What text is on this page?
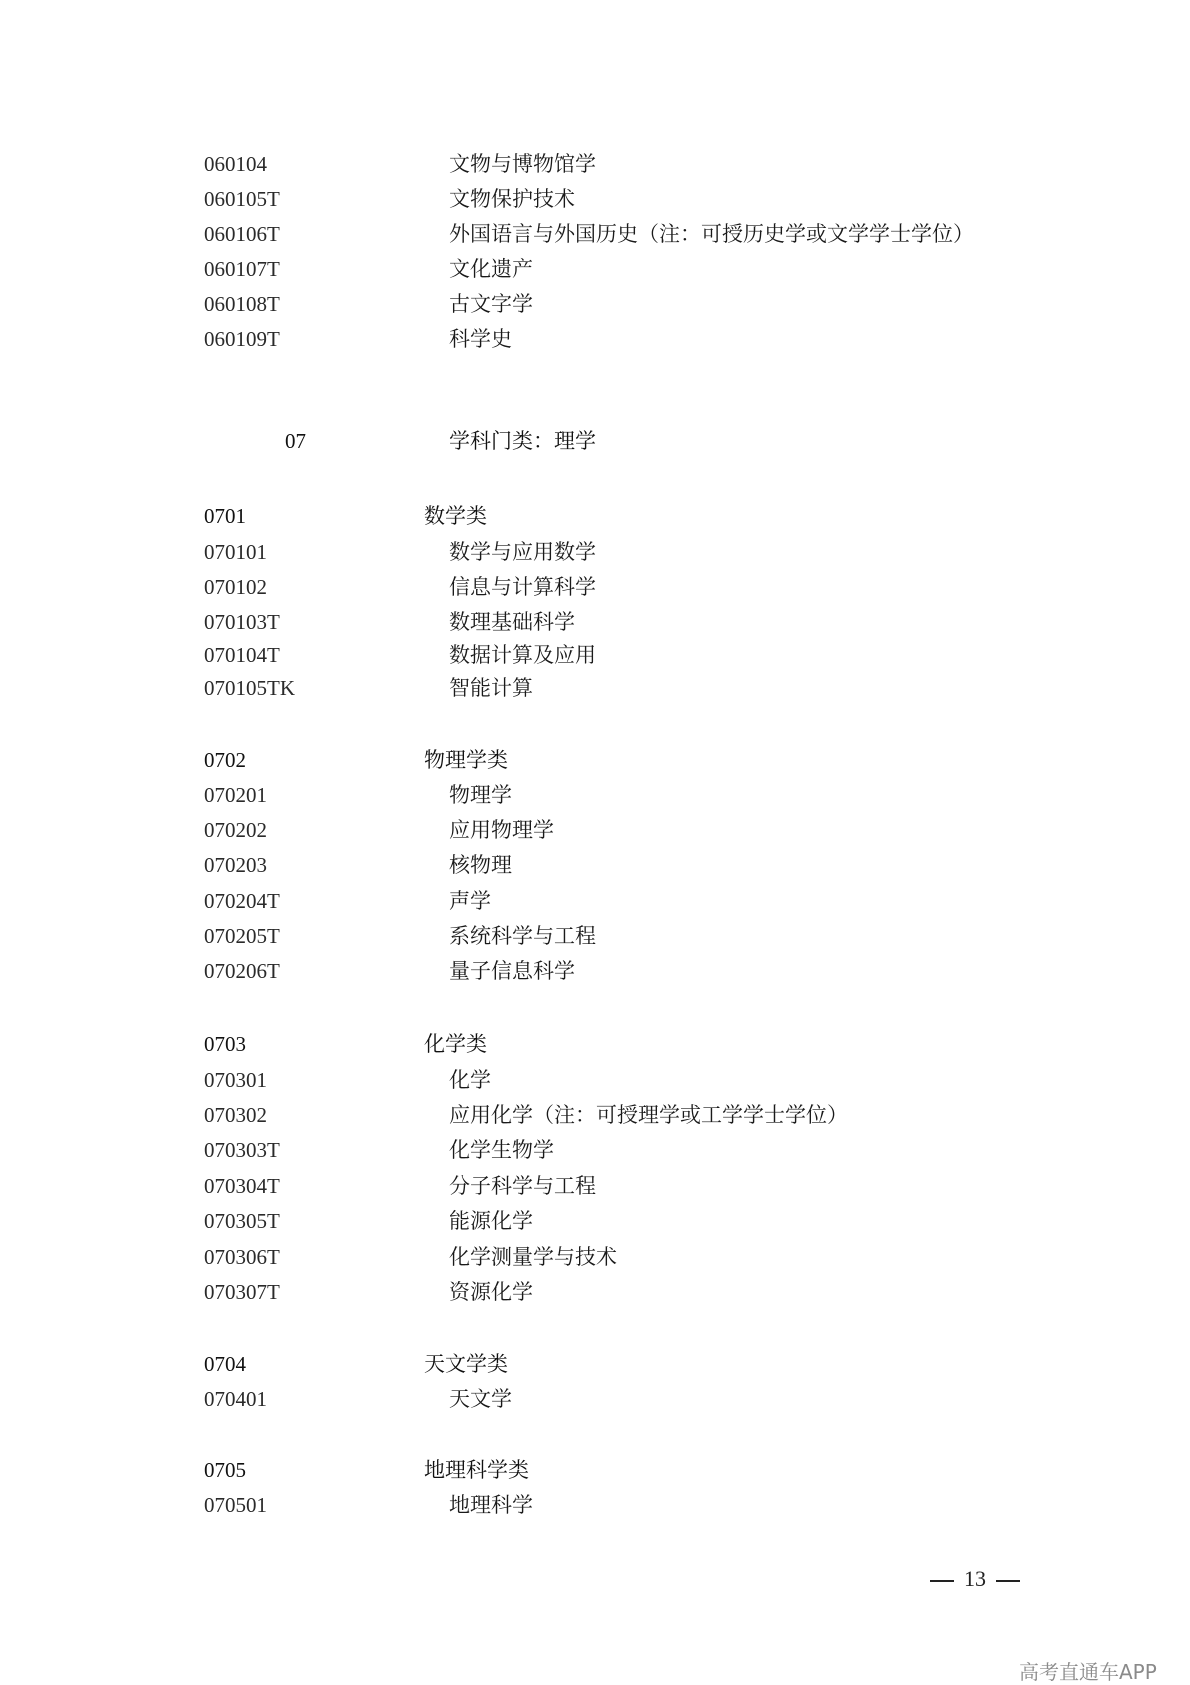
060104	文物与博物馆学
060105T	文物保护技术
060106T	外国语言与外国历史（注：可授历史学或文学学士学位）
060107T	文化遗产
060108T	古文字学
060109T	科学史
07	学科门类：理学
0701	数学类
070101	数学与应用数学
070102	信息与计算科学
070103T	数理基础科学
070104T	数据计算及应用
070105TK	智能计算
0702	物理学类
070201	物理学
070202	应用物理学
070203	核物理
070204T	声学
070205T	系统科学与工程
070206T	量子信息科学
0703	化学类
070301	化学
070302	应用化学（注：可授理学或工学学士学位）
070303T	化学生物学
070304T	分子科学与工程
070305T	能源化学
070306T	化学测量学与技术
070307T	资源化学
0704	天文学类
070401	天文学
0705	地理科学类
070501	地理科学
13
高考直通车APP
